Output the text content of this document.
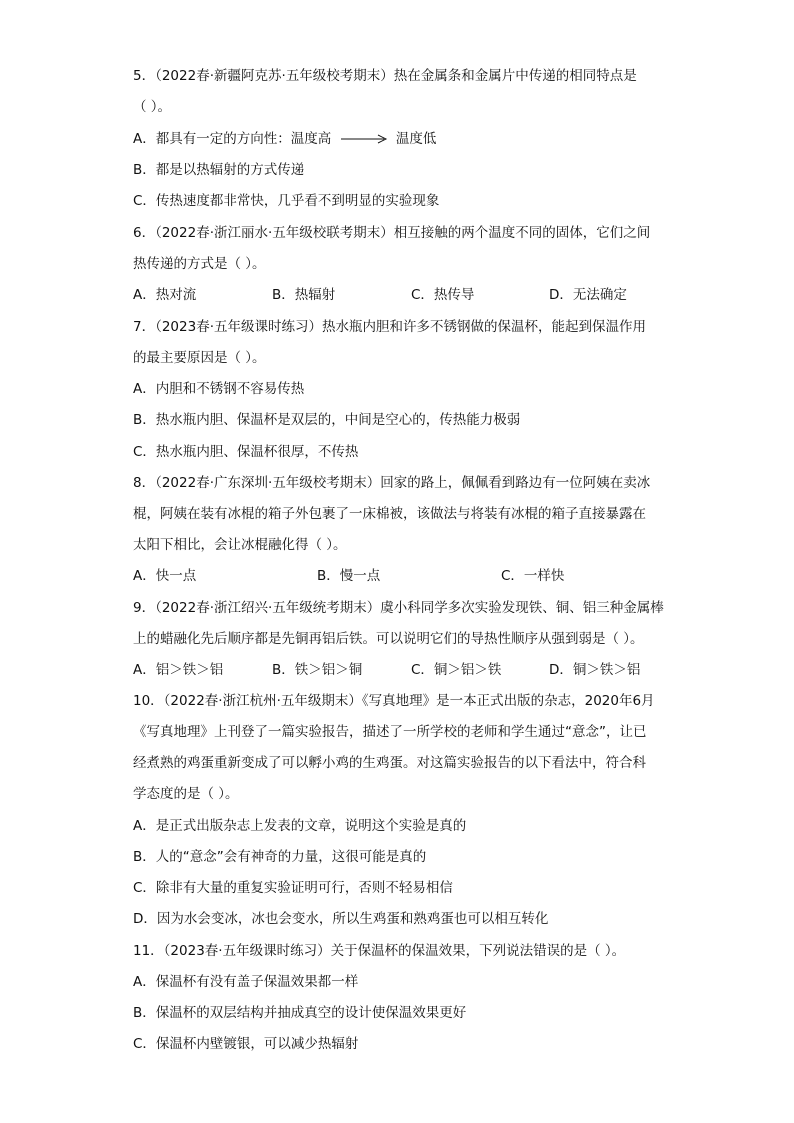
5．（2022春·新疆阿克苏·五年级校考期末）热在金属条和金属片中传递的相同特点是
（ ）。
A．都具有一定的方向性：温度高	温度低
B．都是以热辐射的方式传递
C．传热速度都非常快，几乎看不到明显的实验现象
6．（2022春·浙江丽水·五年级校联考期末）相互接触的两个温度不同的固体，它们之间
热传递的方式是（ ）。
A．热对流	B．热辐射	C．热传导	D．无法确定
7．（2023春·五年级课时练习）热水瓶内胆和许多不锈钢做的保温杯，能起到保温作用
的最主要原因是（ ）。
A．内胆和不锈钢不容易传热
B．热水瓶内胆、保温杯是双层的，中间是空心的，传热能力极弱
C．热水瓶内胆、保温杯很厚，不传热
8．（2022春·广东深圳·五年级校考期末）回家的路上，佩佩看到路边有一位阿姨在卖冰
棍，阿姨在装有冰棍的箱子外包裹了一床棉被，该做法与将装有冰棍的箱子直接暴露在
太阳下相比，会让冰棍融化得（ ）。
A．快一点	B．慢一点	C．一样快
9．（2022春·浙江绍兴·五年级统考期末）虞小科同学多次实验发现铁、铜、铝三种金属棒
上的蜡融化先后顺序都是先铜再铝后铁。可以说明它们的导热性顺序从强到弱是（ ）。
A．铝＞铁＞铝	B．铁＞铝＞铜	C．铜＞铝＞铁	D．铜＞铁＞铝
10．（2022春·浙江杭州·五年级期末）《写真地理》是一本正式出版的杂志，2020年6月
《写真地理》上刊登了一篇实验报告，描述了一所学校的老师和学生通过“意念”，让已
经煮熟的鸡蛋重新变成了可以孵小鸡的生鸡蛋。对这篇实验报告的以下看法中，符合科
学态度的是（ ）。
A．是正式出版杂志上发表的文章，说明这个实验是真的
B．人的“意念”会有神奇的力量，这很可能是真的
C．除非有大量的重复实验证明可行，否则不轻易相信
D．因为水会变冰，冰也会变水，所以生鸡蛋和熟鸡蛋也可以相互转化
11．（2023春·五年级课时练习）关于保温杯的保温效果，下列说法错误的是（ ）。
A．保温杯有没有盖子保温效果都一样
B．保温杯的双层结构并抽成真空的设计使保温效果更好
C．保温杯内壁镀银，可以减少热辐射
